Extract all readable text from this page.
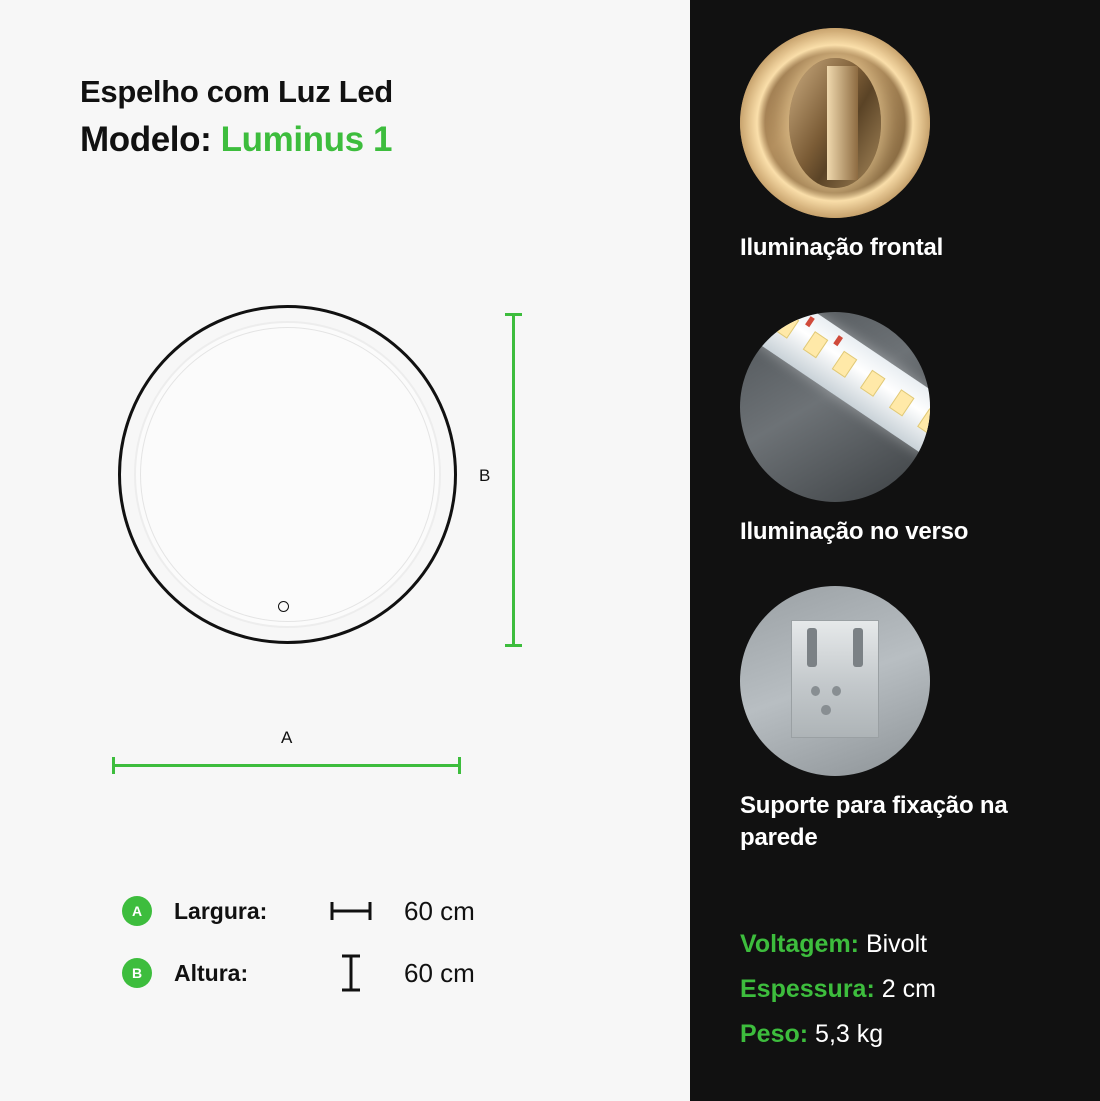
Espelho com Luz Led
Modelo: Luminus 1
B
A
A	Largura:	60 cm
B	Altura:	60 cm
Iluminação frontal
Iluminação no verso
Suporte para fixação na parede
Voltagem: Bivolt
Espessura: 2 cm
Peso: 5,3 kg
